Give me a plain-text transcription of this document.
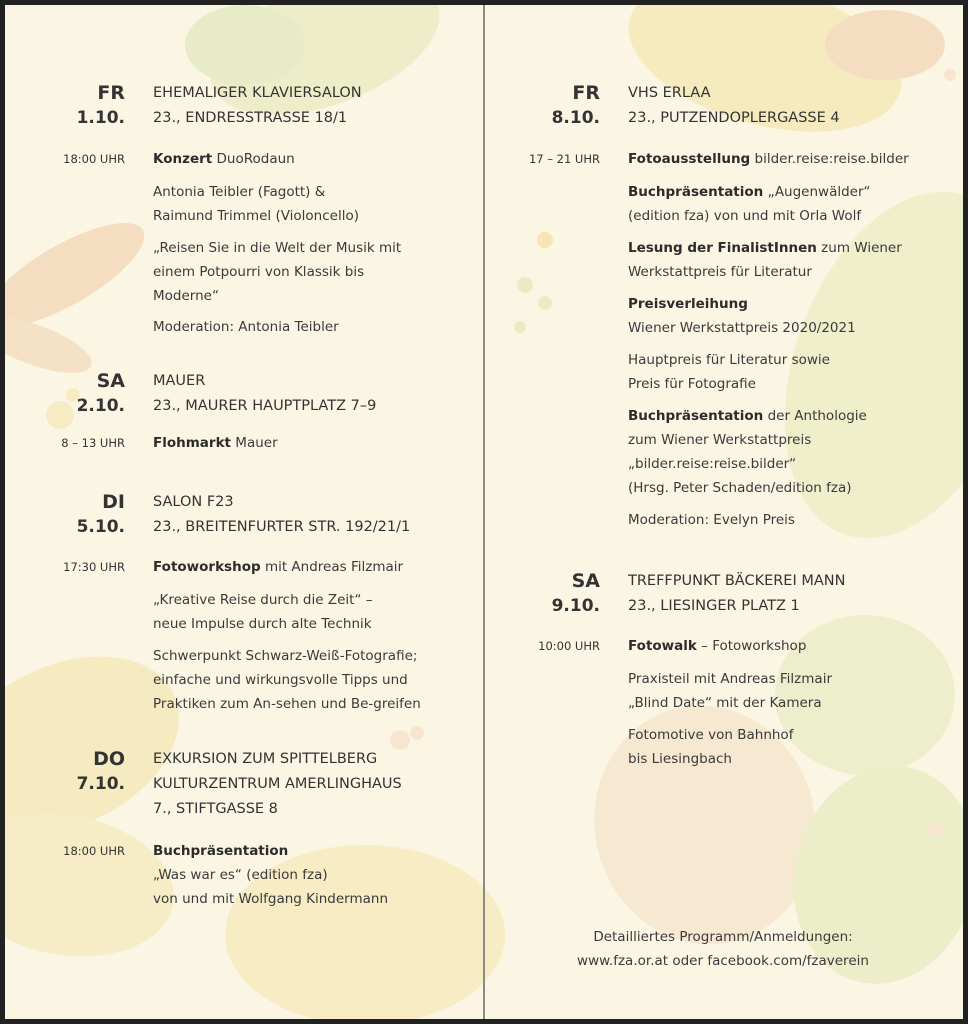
FR
1.10.
EHEMALIGER KLAVIERSALON
23., ENDRESSTRASSE 18/1
18:00 UHR Konzert DuoRodaun
Antonia Teibler (Fagott) &
Raimund Trimmel (Violoncello)
„Reisen Sie in die Welt der Musik mit
einem Potpourri von Klassik bis
Moderne“
Moderation: Antonia Teibler
SA
2.10.
MAUER
23., MAURER HAUPTPLATZ 7–9
8 – 13 UHR Flohmarkt Mauer
DI
5.10.
SALON F23
23., BREITENFURTER STR. 192/21/1
17:30 UHR Fotoworkshop mit Andreas Filzmair
„Kreative Reise durch die Zeit“ –
neue Impulse durch alte Technik
Schwerpunkt Schwarz-Weiß-Fotografie;
einfache und wirkungsvolle Tipps und
Praktiken zum An-sehen und Be-greifen
DO
7.10.
EXKURSION ZUM SPITTELBERG
KULTURZENTRUM AMERLINGHAUS
7., STIFTGASSE 8
18:00 UHR Buchpräsentation
„Was war es“ (edition fza)
von und mit Wolfgang Kindermann
FR
8.10.
VHS ERLAA
23., PUTZENDOPLERGASSE 4
17 – 21 UHR Fotoausstellung bilder.reise:reise.bilder
Buchpräsentation „Augenwälder“
(edition fza) von und mit Orla Wolf
Lesung der FinalistInnen zum Wiener
Werkstattpreis für Literatur
Preisverleihung
Wiener Werkstattpreis 2020/2021
Hauptpreis für Literatur sowie
Preis für Fotografie
Buchpräsentation der Anthologie
zum Wiener Werkstattpreis
„bilder.reise:reise.bilder“
(Hrsg. Peter Schaden/edition fza)
Moderation: Evelyn Preis
SA
9.10.
TREFFPUNKT BÄCKEREI MANN
23., LIESINGER PLATZ 1
10:00 UHR Fotowalk – Fotoworkshop
Praxisteil mit Andreas Filzmair
„Blind Date“ mit der Kamera
Fotomotive von Bahnhof
bis Liesingbach
Detailliertes Programm/Anmeldungen:
www.fza.or.at oder facebook.com/fzaverein
